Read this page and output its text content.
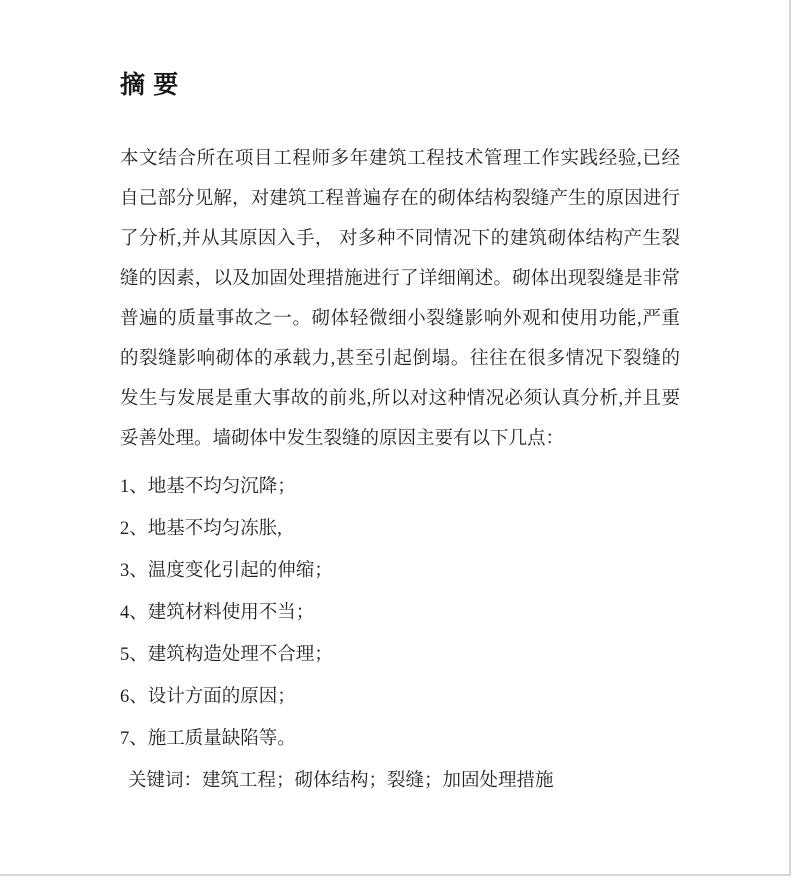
摘 要
本文结合所在项目工程师多年建筑工程技术管理工作实践经验,已经
自己部分见解，对建筑工程普遍存在的砌体结构裂缝产生的原因进行
了分析,并从其原因入手， 对多种不同情况下的建筑砌体结构产生裂
缝的因素，以及加固处理措施进行了详细阐述。砌体出现裂缝是非常
普遍的质量事故之一。砌体轻微细小裂缝影响外观和使用功能,严重
的裂缝影响砌体的承载力,甚至引起倒塌。往往在很多情况下裂缝的
发生与发展是重大事故的前兆,所以对这种情况必须认真分析,并且要
妥善处理。墙砌体中发生裂缝的原因主要有以下几点：
1、地基不均匀沉降；
2、地基不均匀冻胀,
3、温度变化引起的伸缩；
4、建筑材料使用不当；
5、建筑构造处理不合理；
6、设计方面的原因；
7、施工质量缺陷等。
关键词：建筑工程；砌体结构；裂缝；加固处理措施
